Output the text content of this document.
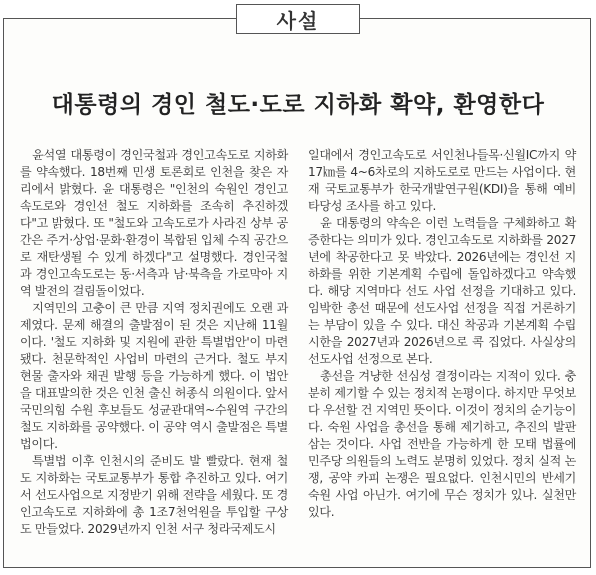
사설
대통령의 경인 철도·도로 지하화 확약, 환영한다

윤석열 대통령이 경인국철과 경인고속도로 지하화를 약속했다. 18번째 민생 토론회로 인천을 찾은 자리에서 밝혔다. 윤 대통령은 "인천의 숙원인 경인고속도로와 경인선 철도 지하화를 조속히 추진하겠다"고 밝혔다. 또 "철도와 고속도로가 사라진 상부 공간은 주거·상업·문화·환경이 복합된 입체 수직 공간으로 재탄생될 수 있게 하겠다"고 설명했다. 경인국철과 경인고속도로는 동·서측과 남·북측을 가로막아 지역 발전의 걸림돌이었다.

지역민의 고충이 큰 만큼 지역 정치권에도 오랜 과제였다. 문제 해결의 출발점이 된 것은 지난해 11월이다. '철도 지하화 및 지원에 관한 특별법안'이 마련됐다. 천문학적인 사업비 마련의 근거다. 철도 부지 현물 출자와 채권 발행 등을 가능하게 했다. 이 법안을 대표발의한 것은 인천 출신 허종식 의원이다. 앞서 국민의힘 수원 후보들도 성균관대역~수원역 구간의 철도 지하화를 공약했다. 이 공약 역시 출발점은 특별법이다.

특별법 이후 인천시의 준비도 발 빨랐다. 현재 철도 지하화는 국토교통부가 통합 추진하고 있다. 여기서 선도사업으로 지정받기 위해 전략을 세웠다. 또 경인고속도로 지하화에 총 1조7천억원을 투입할 구상도 만들었다. 2029년까지 인천 서구 청라국제도시

일대에서 경인고속도로 서인천나들목·신월IC까지 약 17㎞를 4~6차로의 지하도로로 만드는 사업이다. 현재 국토교통부가 한국개발연구원(KDI)을 통해 예비타당성 조사를 하고 있다.

윤 대통령의 약속은 이런 노력들을 구체화하고 확증한다는 의미가 있다. 경인고속도로 지하화를 2027년에 착공한다고 못 박았다. 2026년에는 경인선 지하화를 위한 기본계획 수립에 돌입하겠다고 약속했다. 해당 지역마다 선도 사업 선정을 기대하고 있다. 임박한 총선 때문에 선도사업 선정을 직접 거론하기는 부담이 있을 수 있다. 대신 착공과 기본계획 수립 시한을 2027년과 2026년으로 콕 집었다. 사실상의 선도사업 선정으로 본다.

총선을 겨냥한 선심성 결정이라는 지적이 있다. 충분히 제기할 수 있는 정치적 논평이다. 하지만 무엇보다 우선할 건 지역민 뜻이다. 이것이 정치의 순기능이다. 숙원 사업을 총선을 통해 제기하고, 추진의 발판 삼는 것이다. 사업 전반을 가능하게 한 모태 법률에 민주당 의원들의 노력도 분명히 있었다. 정치 실적 논쟁, 공약 카피 논쟁은 필요없다. 인천시민의 반세기 숙원 사업 아닌가. 여기에 무슨 정치가 있나. 실천만 있다.
